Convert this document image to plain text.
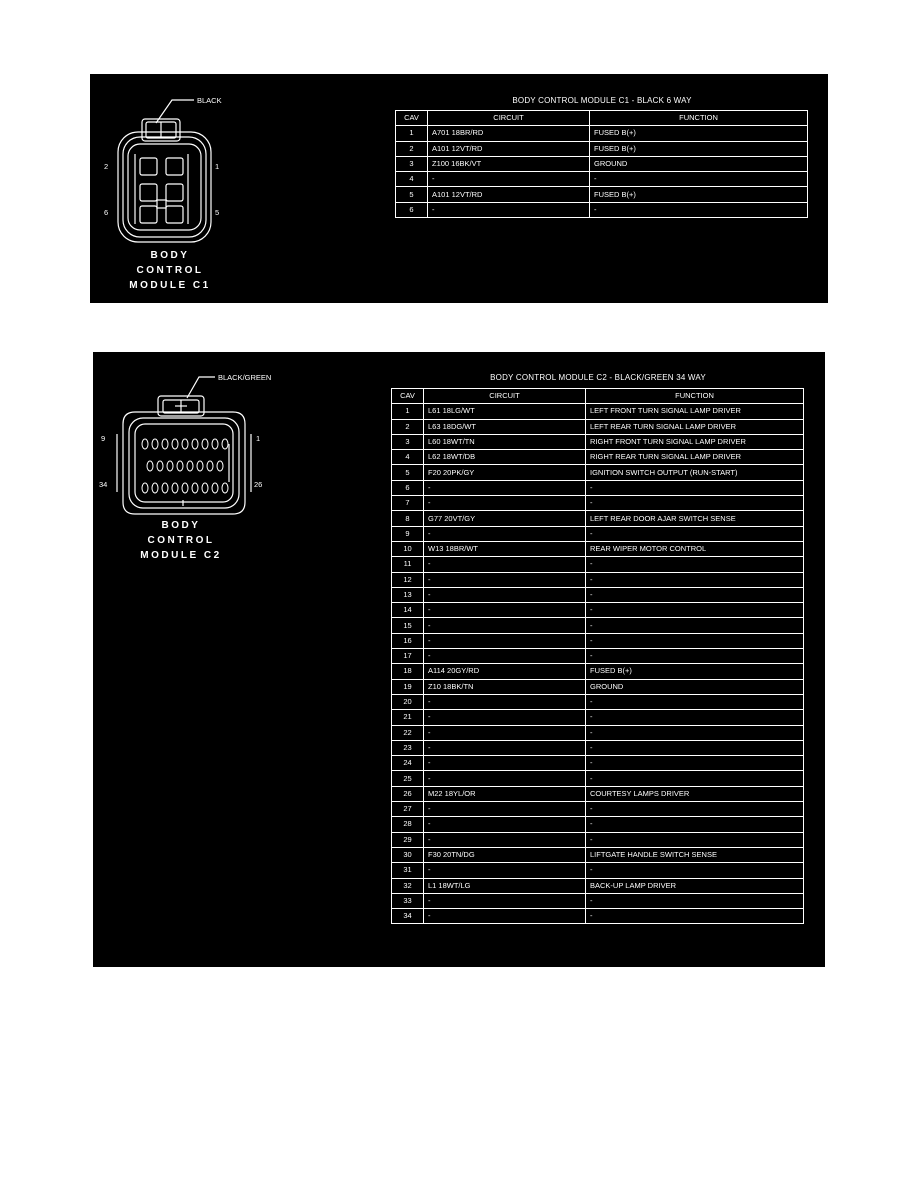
BLACK
2	1
6	5
BODY
CONTROL
MODULE C1
BODY CONTROL MODULE C1 - BLACK 6 WAY
CAV	CIRCUIT	FUNCTION
1	A701 18BR/RD	FUSED B(+)
2	A101 12VT/RD	FUSED B(+)
3	Z100 16BK/VT	GROUND
4	-	-
5	A101 12VT/RD	FUSED B(+)
6	-	-
BLACK/GREEN
9	1
34	26
BODY
CONTROL
MODULE C2
BODY CONTROL MODULE C2 - BLACK/GREEN 34 WAY
CAV	CIRCUIT	FUNCTION
1	L61 18LG/WT	LEFT FRONT TURN SIGNAL LAMP DRIVER
2	L63 18DG/WT	LEFT REAR TURN SIGNAL LAMP DRIVER
3	L60 18WT/TN	RIGHT FRONT TURN SIGNAL LAMP DRIVER
4	L62 18WT/DB	RIGHT REAR TURN SIGNAL LAMP DRIVER
5	F20 20PK/GY	IGNITION SWITCH OUTPUT (RUN-START)
6	-	-
7	-	-
8	G77 20VT/GY	LEFT REAR DOOR AJAR SWITCH SENSE
9	-	-
10	W13 18BR/WT	REAR WIPER MOTOR CONTROL
11	-	-
12	-	-
13	-	-
14	-	-
15	-	-
16	-	-
17	-	-
18	A114 20GY/RD	FUSED B(+)
19	Z10 18BK/TN	GROUND
20	-	-
21	-	-
22	-	-
23	-	-
24	-	-
25	-	-
26	M22 18YL/OR	COURTESY LAMPS DRIVER
27	-	-
28	-	-
29	-	-
30	F30 20TN/DG	LIFTGATE HANDLE SWITCH SENSE
31	-	-
32	L1 18WT/LG	BACK-UP LAMP DRIVER
33	-	-
34	-	-
